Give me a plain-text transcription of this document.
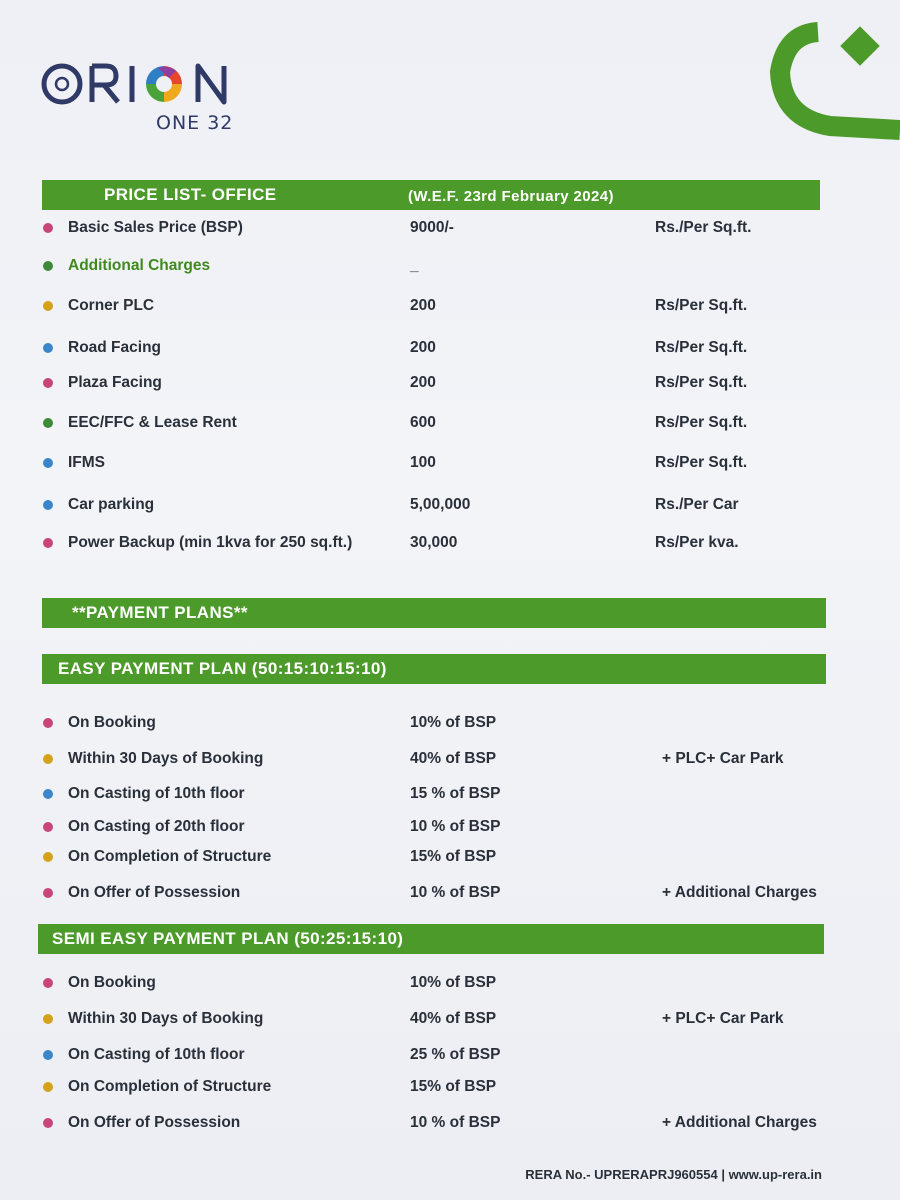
ONE 32
PRICE LIST- OFFICE	(W.E.F. 23rd February 2024)
Basic Sales Price (BSP)	9000/-	Rs./Per Sq.ft.
Additional Charges	_
Corner PLC	200	Rs/Per Sq.ft.
Road Facing	200	Rs/Per Sq.ft.
Plaza Facing	200	Rs/Per Sq.ft.
EEC/FFC & Lease Rent	600	Rs/Per Sq.ft.
IFMS	100	Rs/Per Sq.ft.
Car parking	5,00,000	Rs./Per Car
Power Backup (min 1kva for 250 sq.ft.)	30,000	Rs/Per kva.
**PAYMENT PLANS**
EASY PAYMENT PLAN (50:15:10:15:10)
On Booking	10% of BSP
Within 30 Days of Booking	40% of BSP	+ PLC+ Car Park
On Casting of 10th floor	15 % of BSP
On Casting of 20th floor	10 % of BSP
On Completion of Structure	15% of BSP
On Offer of Possession	10 % of BSP	+ Additional Charges
SEMI EASY PAYMENT PLAN (50:25:15:10)
On Booking	10% of BSP
Within 30 Days of Booking	40% of BSP	+ PLC+ Car Park
On Casting of 10th floor	25 % of BSP
On Completion of Structure	15% of BSP
On Offer of Possession	10 % of BSP	+ Additional Charges
RERA No.- UPRERAPRJ960554 | www.up-rera.in
